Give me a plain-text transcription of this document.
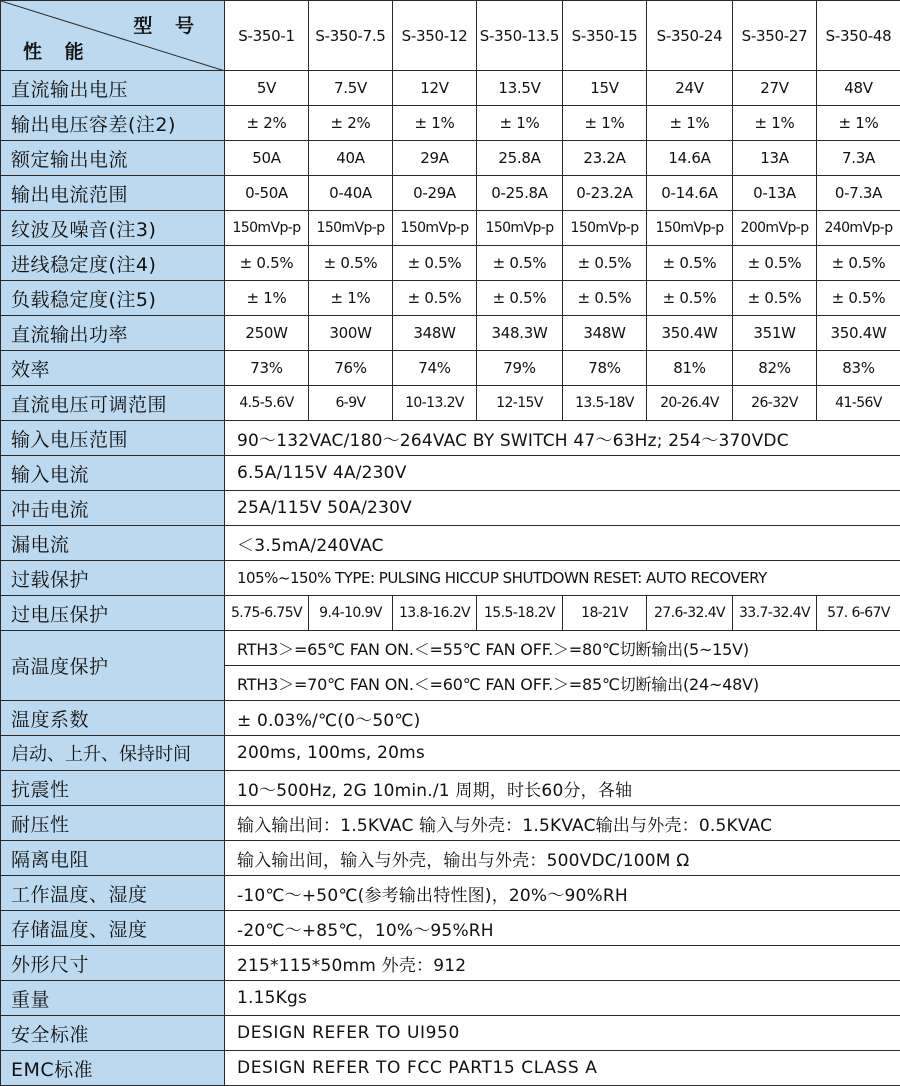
型 号
性 能	S-350-1	S-350-7.5	S-350-12	S-350-13.5	S-350-15	S-350-24	S-350-27	S-350-48
直流输出电压	5V	7.5V	12V	13.5V	15V	24V	27V	48V
输出电压容差(注2)	± 2%	± 2%	± 1%	± 1%	± 1%	± 1%	± 1%	± 1%
额定输出电流	50A	40A	29A	25.8A	23.2A	14.6A	13A	7.3A
输出电流范围	0-50A	0-40A	0-29A	0-25.8A	0-23.2A	0-14.6A	0-13A	0-7.3A
纹波及噪音(注3)	150mVp-p	150mVp-p	150mVp-p	150mVp-p	150mVp-p	150mVp-p	200mVp-p	240mVp-p
进线稳定度(注4)	± 0.5%	± 0.5%	± 0.5%	± 0.5%	± 0.5%	± 0.5%	± 0.5%	± 0.5%
负载稳定度(注5)	± 1%	± 1%	± 0.5%	± 0.5%	± 0.5%	± 0.5%	± 0.5%	± 0.5%
直流输出功率	250W	300W	348W	348.3W	348W	350.4W	351W	350.4W
效率	73%	76%	74%	79%	78%	81%	82%	83%
直流电压可调范围	4.5-5.6V	6-9V	10-13.2V	12-15V	13.5-18V	20-26.4V	26-32V	41-56V
输入电压范围	90～132VAC/180～264VAC BY SWITCH 47～63Hz; 254～370VDC							
输入电流	6.5A/115V 4A/230V							
冲击电流	25A/115V 50A/230V							
漏电流	＜3.5mA/240VAC							
过载保护	105%~150% TYPE: PULSING HICCUP SHUTDOWN RESET: AUTO RECOVERY							
过电压保护	5.75-6.75V	9.4-10.9V	13.8-16.2V	15.5-18.2V	18-21V	27.6-32.4V	33.7-32.4V	57. 6-67V
高温度保护	RTH3＞=65℃ FAN ON.＜=55℃ FAN OFF.＞=80℃切断输出(5~15V)							
	RTH3＞=70℃ FAN ON.＜=60℃ FAN OFF.＞=85℃切断输出(24~48V)							
温度系数	± 0.03%/℃(0～50℃)							
启动、上升、保持时间	200ms, 100ms, 20ms							
抗震性	10～500Hz, 2G 10min./1 周期，时长60分，各轴							
耐压性	输入输出间：1.5KVAC 输入与外壳：1.5KVAC输出与外壳：0.5KVAC							
隔离电阻	输入输出间，输入与外壳，输出与外壳：500VDC/100M Ω							
工作温度、湿度	-10℃～+50℃(参考输出特性图)，20%～90%RH							
存储温度、湿度	-20℃～+85℃，10%～95%RH							
外形尺寸	215*115*50mm 外壳：912							
重量	1.15Kgs							
安全标准	DESIGN REFER TO UI950							
EMC标准	DESIGN REFER TO FCC PART15 CLASS A							
